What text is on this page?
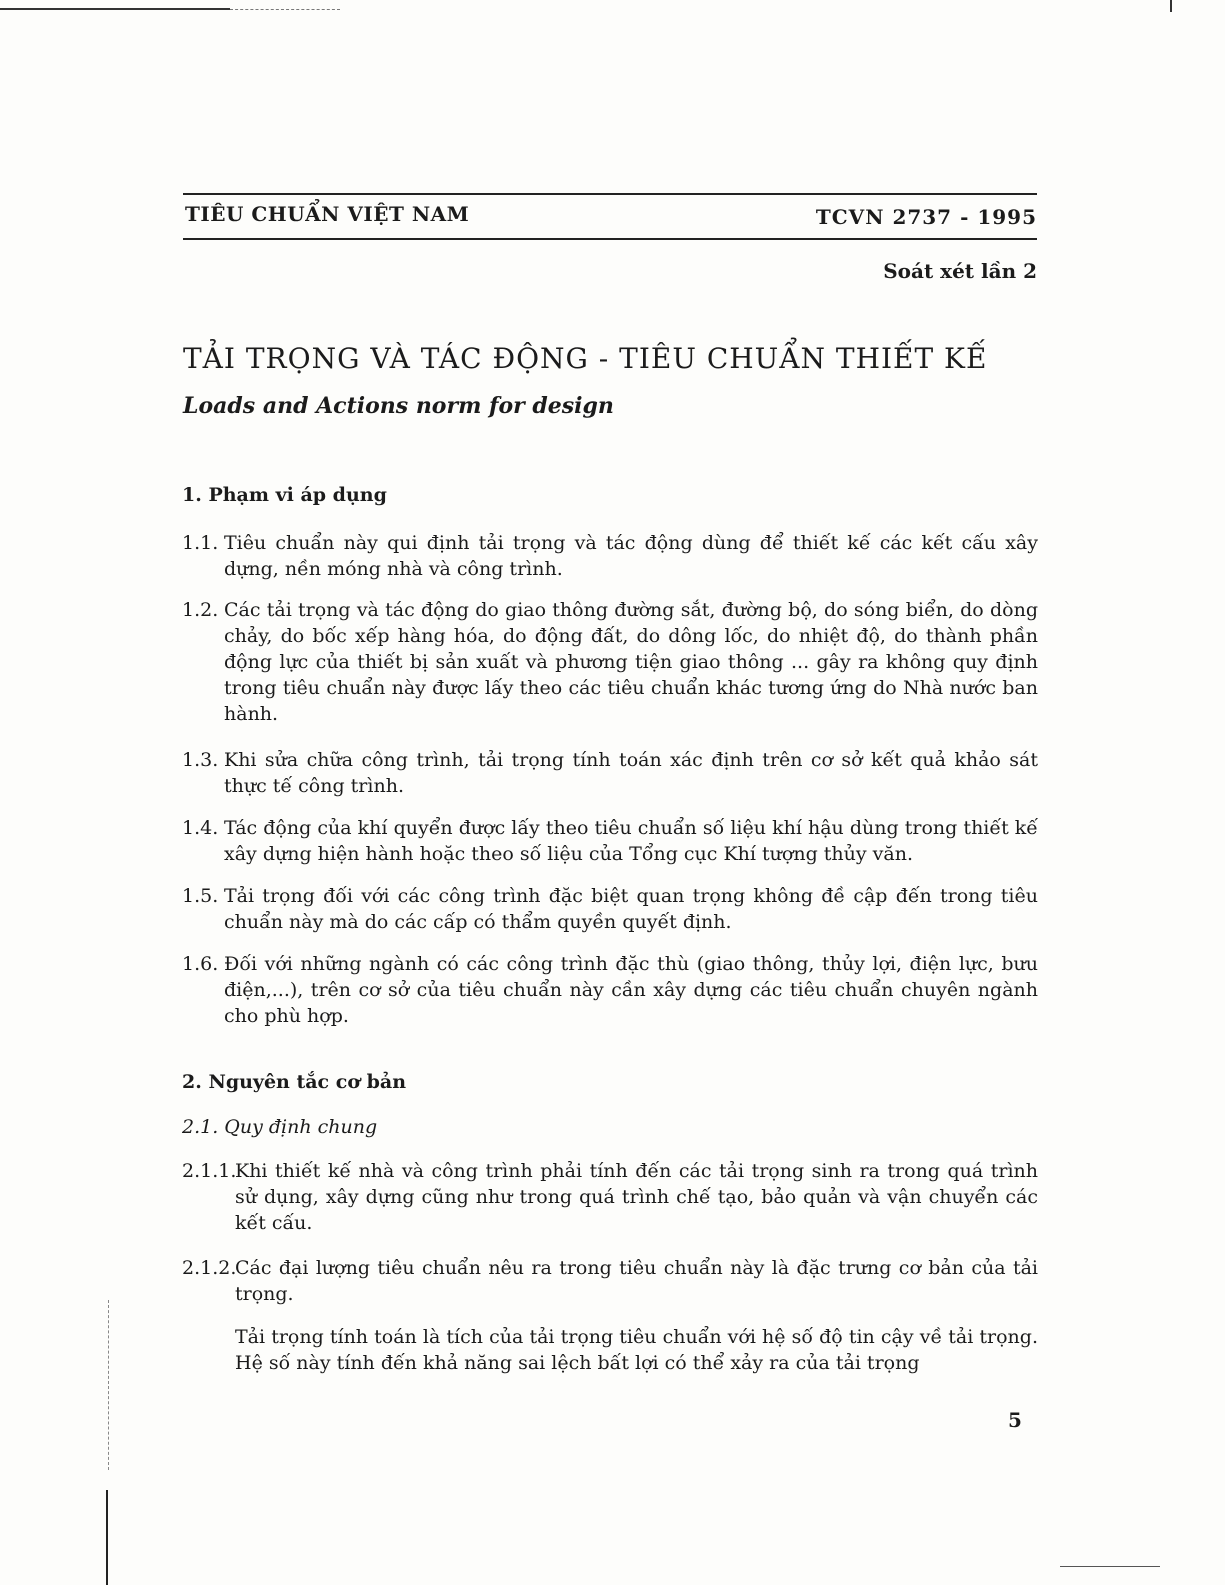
TIÊU CHUẨN VIỆT NAM	TCVN 2737 - 1995
Soát xét lần 2
TẢI TRỌNG VÀ TÁC ĐỘNG - TIÊU CHUẨN THIẾT KẾ
Loads and Actions norm for design
1. Phạm vi áp dụng
1.1. Tiêu chuẩn này qui định tải trọng và tác động dùng để thiết kế các kết cấu xây dựng, nền móng nhà và công trình.
1.2. Các tải trọng và tác động do giao thông đường sắt, đường bộ, do sóng biển, do dòng chảy, do bốc xếp hàng hóa, do động đất, do dông lốc, do nhiệt độ, do thành phần động lực của thiết bị sản xuất và phương tiện giao thông ... gây ra không quy định trong tiêu chuẩn này được lấy theo các tiêu chuẩn khác tương ứng do Nhà nước ban hành.
1.3. Khi sửa chữa công trình, tải trọng tính toán xác định trên cơ sở kết quả khảo sát thực tế công trình.
1.4. Tác động của khí quyển được lấy theo tiêu chuẩn số liệu khí hậu dùng trong thiết kế xây dựng hiện hành hoặc theo số liệu của Tổng cục Khí tượng thủy văn.
1.5. Tải trọng đối với các công trình đặc biệt quan trọng không đề cập đến trong tiêu chuẩn này mà do các cấp có thẩm quyền quyết định.
1.6. Đối với những ngành có các công trình đặc thù (giao thông, thủy lợi, điện lực, bưu điện,...), trên cơ sở của tiêu chuẩn này cần xây dựng các tiêu chuẩn chuyên ngành cho phù hợp.
2. Nguyên tắc cơ bản
2.1. Quy định chung
2.1.1.
Khi thiết kế nhà và công trình phải tính đến các tải trọng sinh ra trong quá trình sử dụng, xây dựng cũng như trong quá trình chế tạo, bảo quản và vận chuyển các kết cấu.
2.1.2.
Các đại lượng tiêu chuẩn nêu ra trong tiêu chuẩn này là đặc trưng cơ bản của tải trọng.
Tải trọng tính toán là tích của tải trọng tiêu chuẩn với hệ số độ tin cậy về tải trọng. Hệ số này tính đến khả năng sai lệch bất lợi có thể xảy ra của tải trọng
5
